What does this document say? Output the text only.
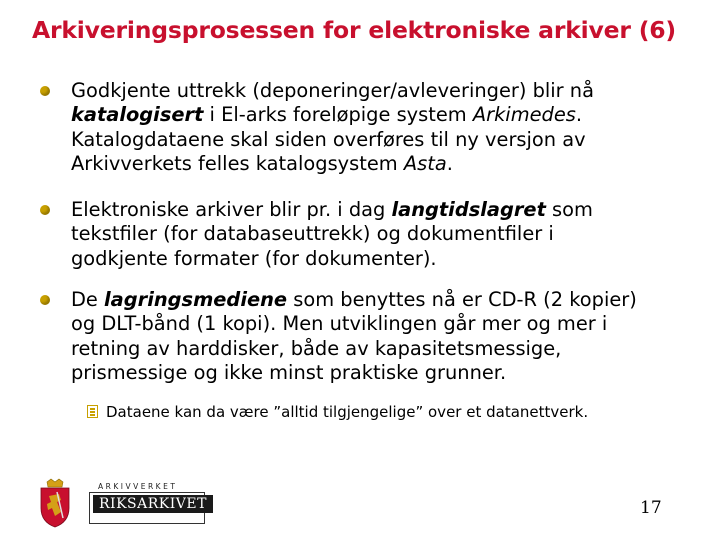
Arkiveringsprosessen for elektroniske arkiver (6)
Godkjente uttrekk (deponeringer/avleveringer) blir nå
katalogisert i El-arks foreløpige system Arkimedes.
Katalogdataene skal siden overføres til ny versjon av
Arkivverkets felles katalogsystem Asta.
Elektroniske arkiver blir pr. i dag langtidslagret som
tekstfiler (for databaseuttrekk) og dokumentfiler i
godkjente formater (for dokumenter).
De lagringsmediene som benyttes nå er CD-R (2 kopier)
og DLT-bånd (1 kopi). Men utviklingen går mer og mer i
retning av harddisker, både av kapasitetsmessige,
prismessige og ikke minst praktiske grunner.
Dataene kan da være ”alltid tilgjengelige” over et datanettverk.
ARKIVVERKET
RIKSARKIVET	17
